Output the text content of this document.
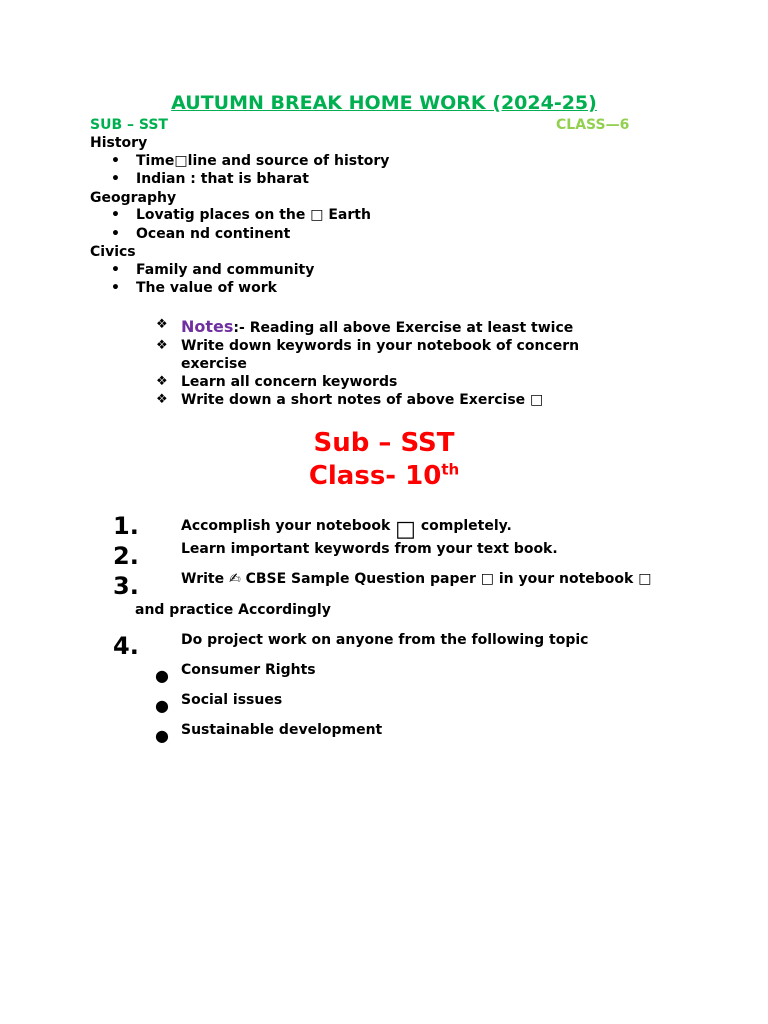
AUTUMN BREAK HOME WORK (2024-25)
SUB – SST	CLASS—6
History
• Time□line and source of history
• Indian : that is bharat
Geography
• Lovatig places on the □ Earth
• Ocean nd continent
Civics
• Family and community
• The value of work
❖ Notes:- Reading all above Exercise at least twice
❖ Write down keywords in your notebook of concern
exercise
❖ Learn all concern keywords
❖ Write down a short notes of above Exercise □
Sub – SST
Class- 10th
1.	Accomplish your notebook □ completely.
2.	Learn important keywords from your text book.
3.	Write ✍ CBSE Sample Question paper □ in your notebook □
and practice Accordingly
4.	Do project work on anyone from the following topic
● Consumer Rights
● Social issues
● Sustainable development
